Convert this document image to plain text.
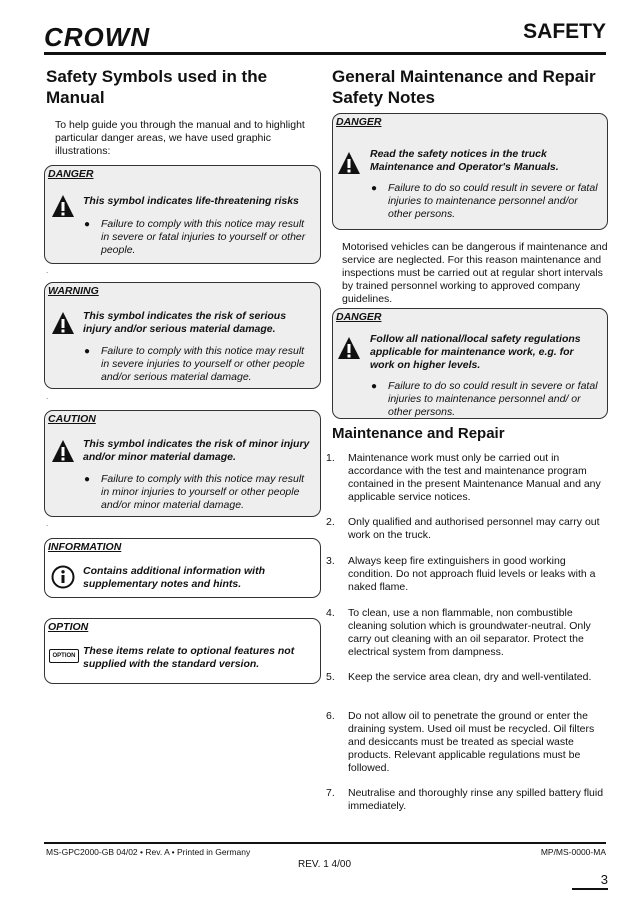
CROWN	SAFETY
Safety Symbols used in the Manual
To help guide you through the manual and to highlight particular danger areas, we have used graphic illustrations:
DANGER
This symbol indicates life-threatening risks
● Failure to comply with this notice may result in severe or fatal injuries to yourself or other people.
.
WARNING
This symbol indicates the risk of serious injury and/or serious material damage.
● Failure to comply with this notice may result in severe injuries to yourself or other people and/or serious material damage.
.
CAUTION
This symbol indicates the risk of minor injury and/or minor material damage.
● Failure to comply with this notice may result in minor injuries to yourself or other people and/or minor material damage.
.
INFORMATION
Contains additional information with supplementary notes and hints.
OPTION
OPTION These items relate to optional features not supplied with the standard version.
General Maintenance and Repair Safety Notes
DANGER
Read the safety notices in the truck Maintenance and Operator's Manuals.
● Failure to do so could result in severe or fatal injuries to maintenance personnel and/or other persons.
Motorised vehicles can be dangerous if maintenance and service are neglected. For this reason maintenance and inspections must be carried out at regular short intervals by trained personnel working to approved company guidelines.
DANGER
Follow all national/local safety regulations applicable for maintenance work, e.g. for work on higher levels.
● Failure to do so could result in severe or fatal injuries to maintenance personnel and/ or other persons.
Maintenance and Repair
1. Maintenance work must only be carried out in accordance with the test and maintenance program contained in the present Maintenance Manual and any applicable service notices.
2. Only qualified and authorised personnel may carry out work on the truck.
3. Always keep fire extinguishers in good working condition. Do not approach fluid levels or leaks with a naked flame.
4. To clean, use a non flammable, non combustible cleaning solution which is groundwater-neutral. Only carry out cleaning with an oil separator. Protect the electrical system from dampness.
5. Keep the service area clean, dry and well-ventilated.
6. Do not allow oil to penetrate the ground or enter the draining system. Used oil must be recycled. Oil filters and desiccants must be treated as special waste products. Relevant applicable regulations must be followed.
7. Neutralise and thoroughly rinse any spilled battery fluid immediately.
MS-GPC2000-GB 04/02 • Rev. A • Printed in Germany	MP/MS-0000-MA
REV. 1 4/00
3
